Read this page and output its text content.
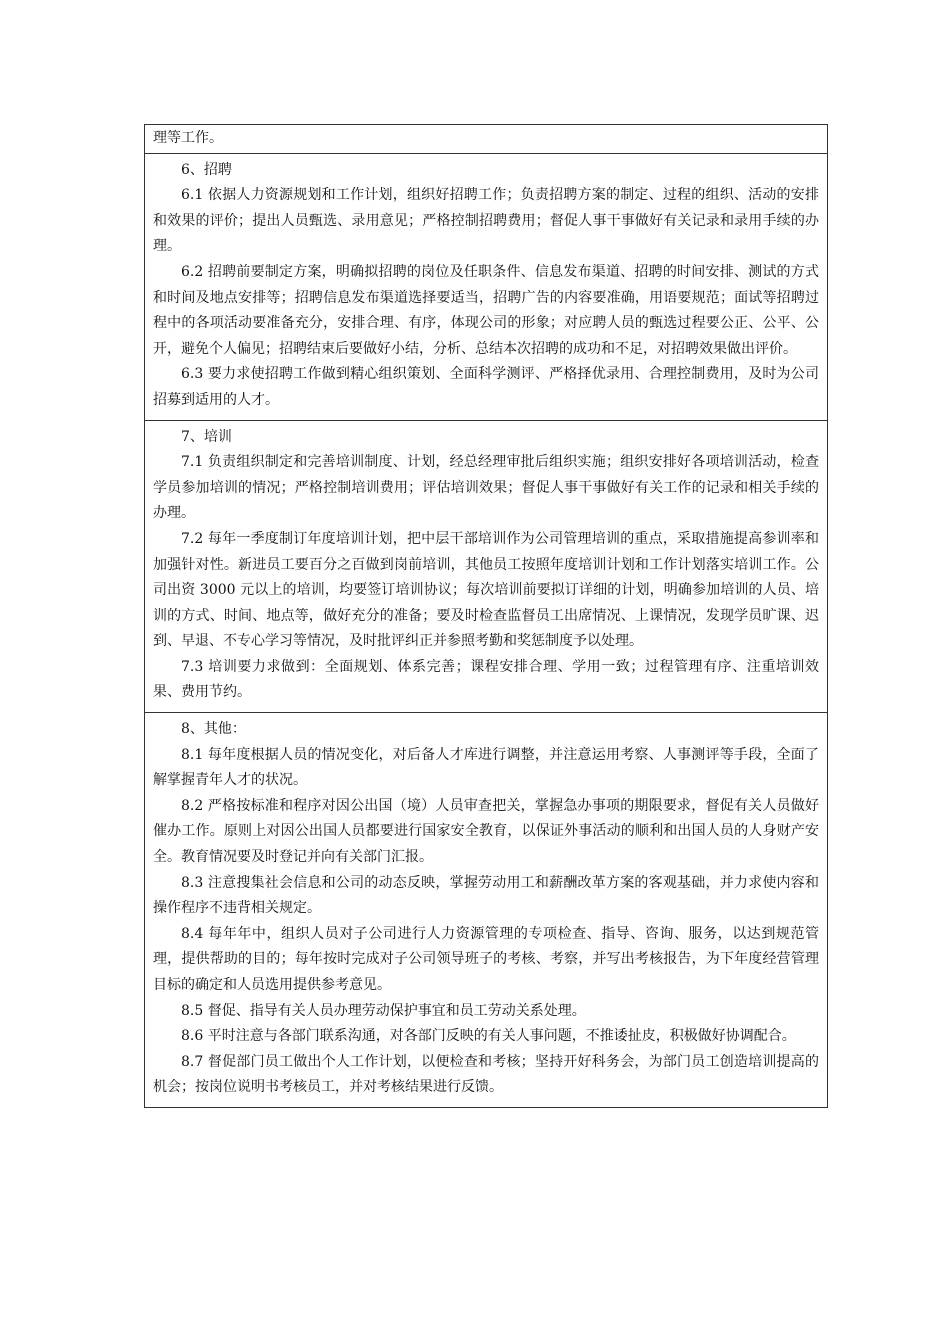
理等工作。

6、招聘

6.1 依据人力资源规划和工作计划，组织好招聘工作；负责招聘方案的制定、过程的组织、活动的安排和效果的评价；提出人员甄选、录用意见；严格控制招聘费用；督促人事干事做好有关记录和录用手续的办理。

6.2 招聘前要制定方案，明确拟招聘的岗位及任职条件、信息发布渠道、招聘的时间安排、测试的方式和时间及地点安排等；招聘信息发布渠道选择要适当，招聘广告的内容要准确，用语要规范；面试等招聘过程中的各项活动要准备充分，安排合理、有序，体现公司的形象；对应聘人员的甄选过程要公正、公平、公开，避免个人偏见；招聘结束后要做好小结，分析、总结本次招聘的成功和不足，对招聘效果做出评价。

6.3 要力求使招聘工作做到精心组织策划、全面科学测评、严格择优录用、合理控制费用，及时为公司招募到适用的人才。

7、培训

7.1 负责组织制定和完善培训制度、计划，经总经理审批后组织实施；组织安排好各项培训活动，检查学员参加培训的情况；严格控制培训费用；评估培训效果；督促人事干事做好有关工作的记录和相关手续的办理。

7.2 每年一季度制订年度培训计划，把中层干部培训作为公司管理培训的重点，采取措施提高参训率和加强针对性。新进员工要百分之百做到岗前培训，其他员工按照年度培训计划和工作计划落实培训工作。公司出资 3000 元以上的培训，均要签订培训协议；每次培训前要拟订详细的计划，明确参加培训的人员、培训的方式、时间、地点等，做好充分的准备；要及时检查监督员工出席情况、上课情况，发现学员旷课、迟到、早退、不专心学习等情况，及时批评纠正并参照考勤和奖惩制度予以处理。

7.3 培训要力求做到：全面规划、体系完善；课程安排合理、学用一致；过程管理有序、注重培训效果、费用节约。

8、其他：

8.1 每年度根据人员的情况变化，对后备人才库进行调整，并注意运用考察、人事测评等手段，全面了解掌握青年人才的状况。

8.2 严格按标准和程序对因公出国（境）人员审查把关，掌握急办事项的期限要求，督促有关人员做好催办工作。原则上对因公出国人员都要进行国家安全教育，以保证外事活动的顺利和出国人员的人身财产安全。教育情况要及时登记并向有关部门汇报。

8.3 注意搜集社会信息和公司的动态反映，掌握劳动用工和薪酬改革方案的客观基础，并力求使内容和操作程序不违背相关规定。

8.4 每年年中，组织人员对子公司进行人力资源管理的专项检查、指导、咨询、服务，以达到规范管理，提供帮助的目的；每年按时完成对子公司领导班子的考核、考察，并写出考核报告，为下年度经营管理目标的确定和人员选用提供参考意见。

8.5 督促、指导有关人员办理劳动保护事宜和员工劳动关系处理。

8.6 平时注意与各部门联系沟通，对各部门反映的有关人事问题，不推诿扯皮，积极做好协调配合。

8.7 督促部门员工做出个人工作计划，以便检查和考核；坚持开好科务会，为部门员工创造培训提高的机会；按岗位说明书考核员工，并对考核结果进行反馈。
